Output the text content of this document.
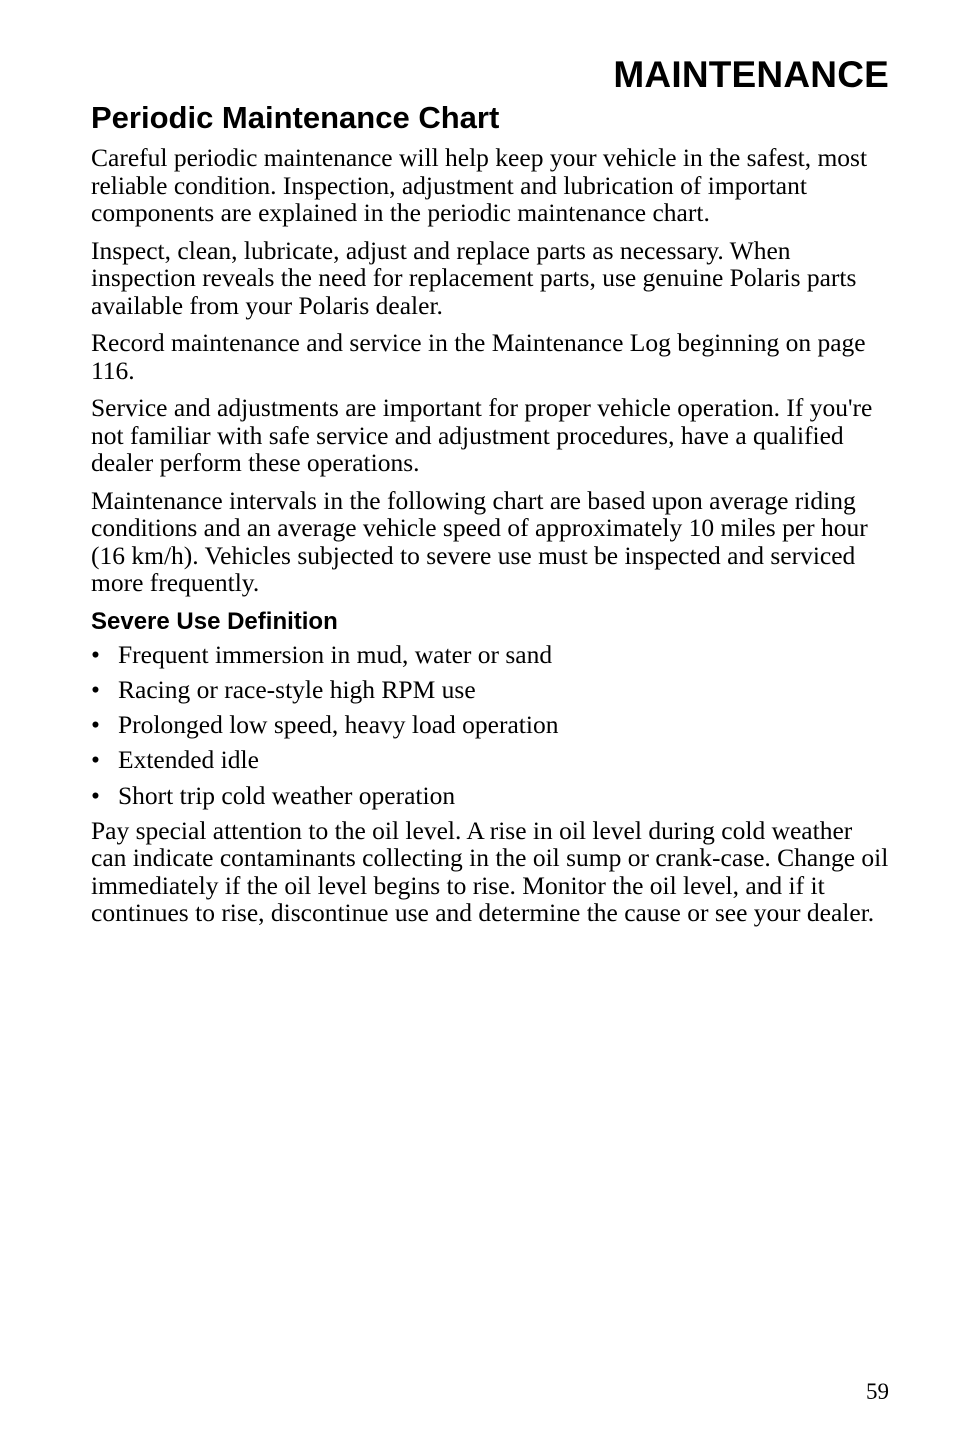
MAINTENANCE
Periodic Maintenance Chart

Careful periodic maintenance will help keep your vehicle in the safest, most reliable condition. Inspection, adjustment and lubrication of important components are explained in the periodic maintenance chart.

Inspect, clean, lubricate, adjust and replace parts as necessary. When inspection reveals the need for replacement parts, use genuine Polaris parts available from your Polaris dealer.

Record maintenance and service in the Maintenance Log beginning on page 116.

Service and adjustments are important for proper vehicle operation. If you're not familiar with safe service and adjustment procedures, have a qualified dealer perform these operations.

Maintenance intervals in the following chart are based upon average riding conditions and an average vehicle speed of approximately 10 miles per hour (16 km/h). Vehicles subjected to severe use must be inspected and serviced more frequently.

Severe Use Definition
• Frequent immersion in mud, water or sand
• Racing or race-style high RPM use
• Prolonged low speed, heavy load operation
• Extended idle
• Short trip cold weather operation

Pay special attention to the oil level. A rise in oil level during cold weather can indicate contaminants collecting in the oil sump or crank-case. Change oil immediately if the oil level begins to rise. Monitor the oil level, and if it continues to rise, discontinue use and determine the cause or see your dealer.

59
